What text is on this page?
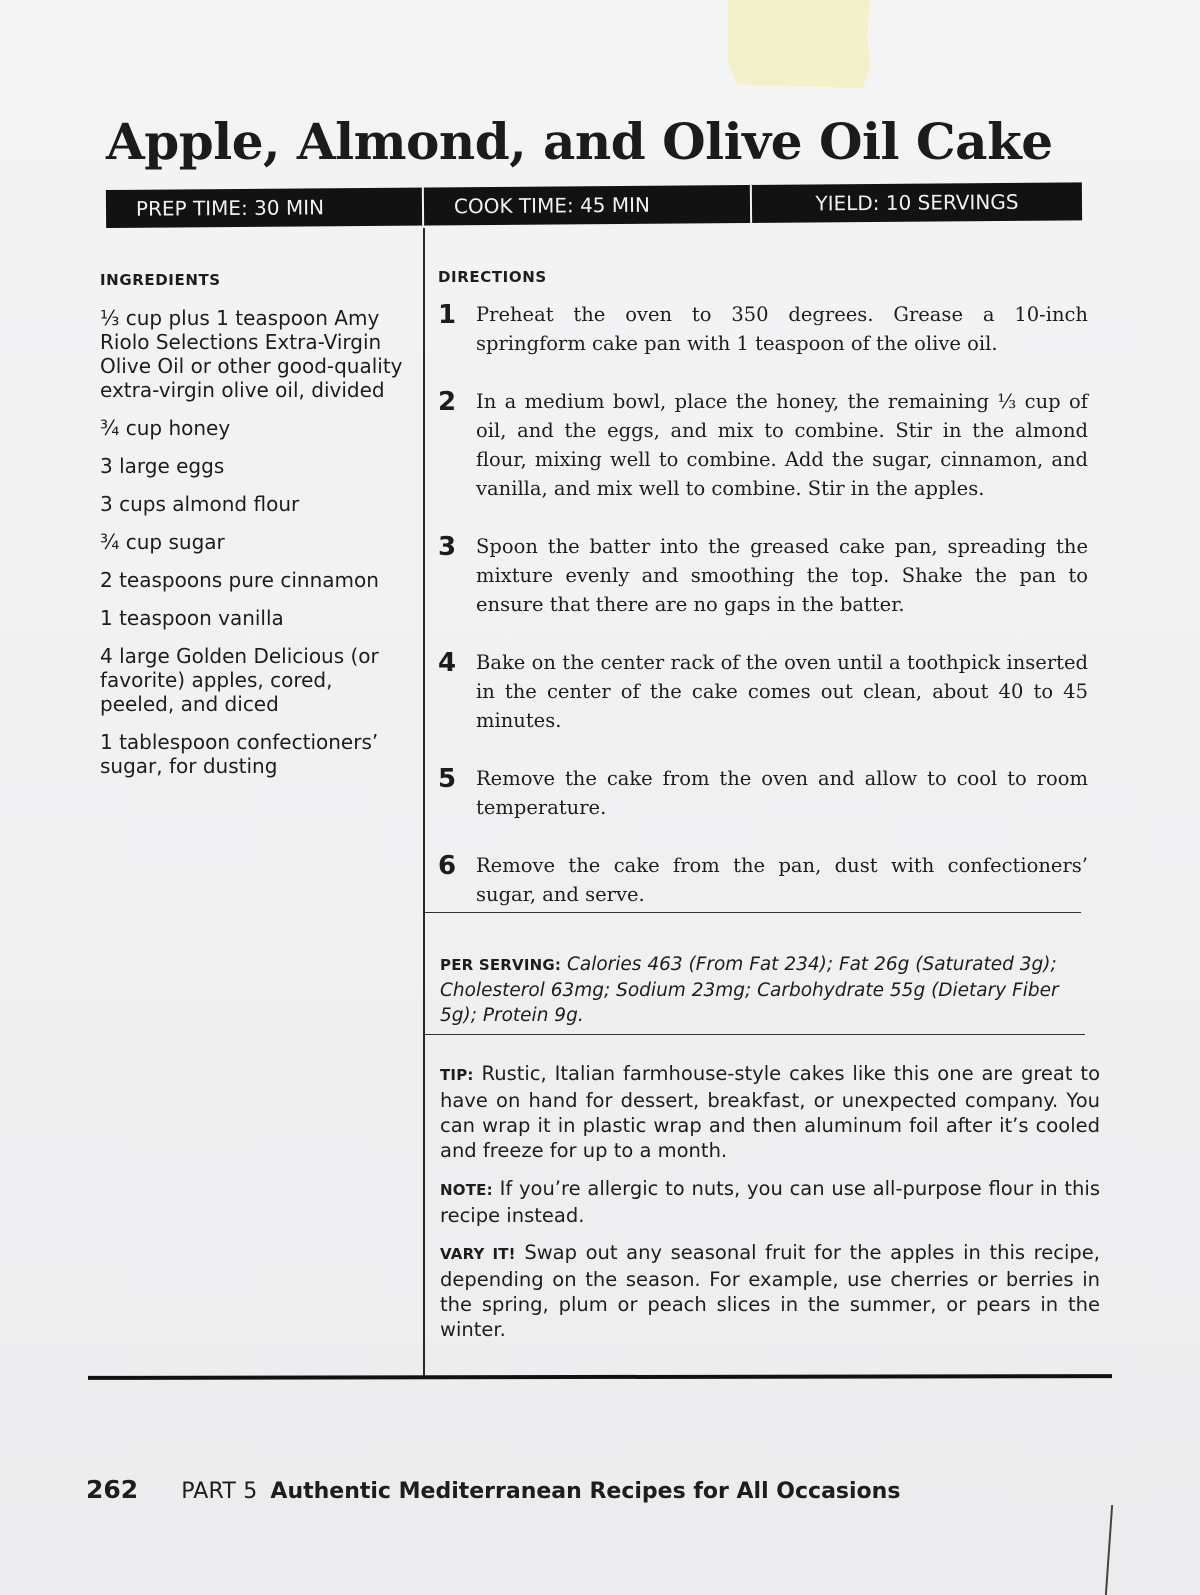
Apple, Almond, and Olive Oil Cake
PREP TIME: 30 MIN	COOK TIME: 45 MIN	YIELD: 10 SERVINGS
INGREDIENTS
⅓ cup plus 1 teaspoon Amy Riolo Selections Extra-Virgin Olive Oil or other good-quality extra-virgin olive oil, divided
¾ cup honey
3 large eggs
3 cups almond flour
¾ cup sugar
2 teaspoons pure cinnamon
1 teaspoon vanilla
4 large Golden Delicious (or favorite) apples, cored, peeled, and diced
1 tablespoon confectioners’ sugar, for dusting
DIRECTIONS
1	Preheat the oven to 350 degrees. Grease a 10-inch springform cake pan with 1 teaspoon of the olive oil.
2	In a medium bowl, place the honey, the remaining ⅓ cup of oil, and the eggs, and mix to combine. Stir in the almond flour, mixing well to combine. Add the sugar, cinnamon, and vanilla, and mix well to combine. Stir in the apples.
3	Spoon the batter into the greased cake pan, spreading the mixture evenly and smoothing the top. Shake the pan to ensure that there are no gaps in the batter.
4	Bake on the center rack of the oven until a toothpick inserted in the center of the cake comes out clean, about 40 to 45 minutes.
5	Remove the cake from the oven and allow to cool to room temperature.
6	Remove the cake from the pan, dust with confectioners’ sugar, and serve.
PER SERVING: Calories 463 (From Fat 234); Fat 26g (Saturated 3g); Cholesterol 63mg; Sodium 23mg; Carbohydrate 55g (Dietary Fiber 5g); Protein 9g.
TIP: Rustic, Italian farmhouse-style cakes like this one are great to have on hand for dessert, breakfast, or unexpected company. You can wrap it in plastic wrap and then aluminum foil after it’s cooled and freeze for up to a month.
NOTE: If you’re allergic to nuts, you can use all-purpose flour in this recipe instead.
VARY IT! Swap out any seasonal fruit for the apples in this recipe, depending on the season. For example, use cherries or berries in the spring, plum or peach slices in the summer, or pears in the winter.
262 PART 5 Authentic Mediterranean Recipes for All Occasions
